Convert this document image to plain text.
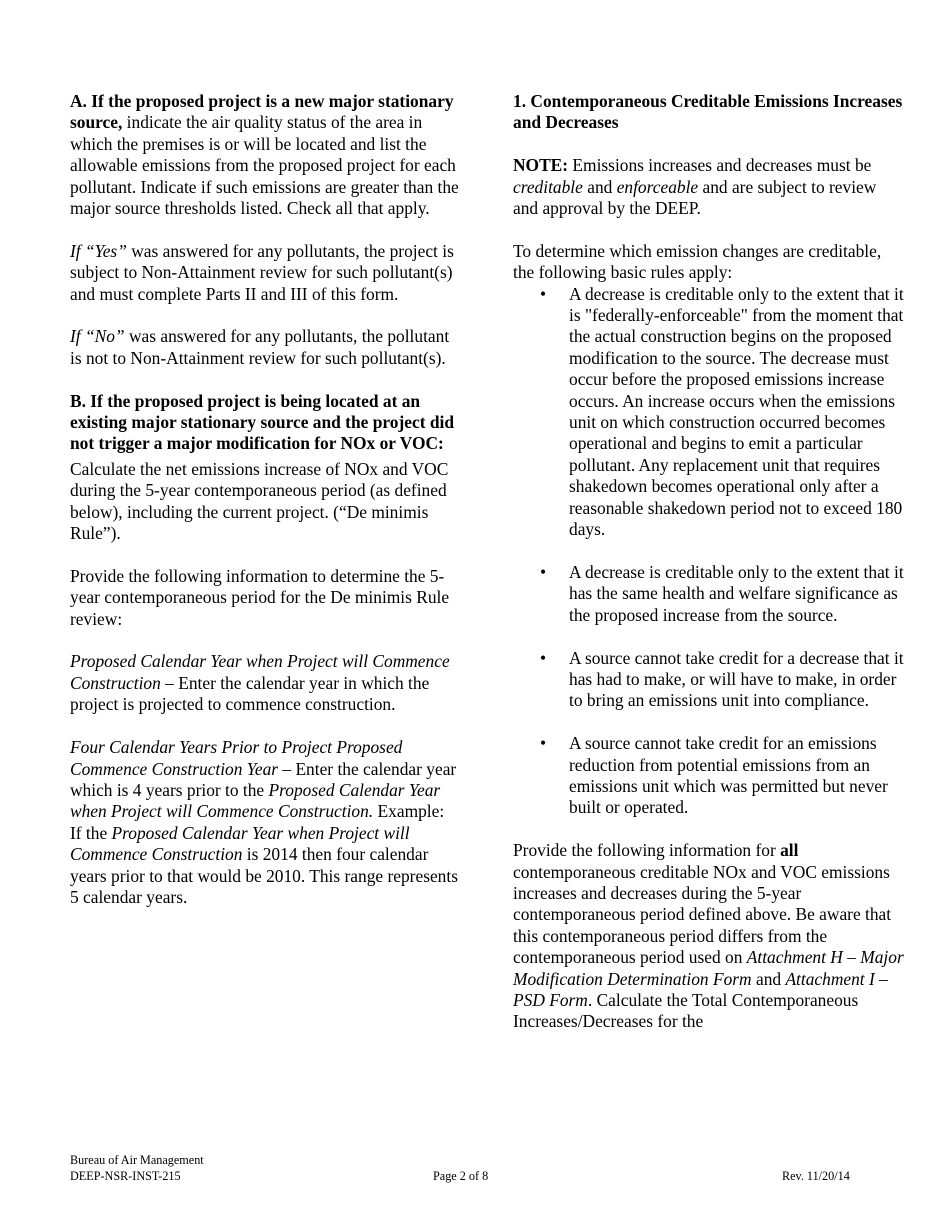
A. If the proposed project is a new major stationary source, indicate the air quality status of the area in which the premises is or will be located and list the allowable emissions from the proposed project for each pollutant. Indicate if such emissions are greater than the major source thresholds listed. Check all that apply.

If “Yes” was answered for any pollutants, the project is subject to Non-Attainment review for such pollutant(s) and must complete Parts II and III of this form.

If “No” was answered for any pollutants, the pollutant is not to Non-Attainment review for such pollutant(s).

B. If the proposed project is being located at an existing major stationary source and the project did not trigger a major modification for NOx or VOC:

Calculate the net emissions increase of NOx and VOC during the 5-year contemporaneous period (as defined below), including the current project. (“De minimis Rule”).

Provide the following information to determine the 5-year contemporaneous period for the De minimis Rule review:

Proposed Calendar Year when Project will Commence Construction – Enter the calendar year in which the project is projected to commence construction.

Four Calendar Years Prior to Project Proposed Commence Construction Year – Enter the calendar year which is 4 years prior to the Proposed Calendar Year when Project will Commence Construction. Example: If the Proposed Calendar Year when Project will Commence Construction is 2014 then four calendar years prior to that would be 2010. This range represents 5 calendar years.

1. Contemporaneous Creditable Emissions Increases and Decreases

NOTE: Emissions increases and decreases must be creditable and enforceable and are subject to review and approval by the DEEP.

To determine which emission changes are creditable, the following basic rules apply:

• A decrease is creditable only to the extent that it is "federally-enforceable" from the moment that the actual construction begins on the proposed modification to the source. The decrease must occur before the proposed emissions increase occurs. An increase occurs when the emissions unit on which construction occurred becomes operational and begins to emit a particular pollutant. Any replacement unit that requires shakedown becomes operational only after a reasonable shakedown period not to exceed 180 days.
• A decrease is creditable only to the extent that it has the same health and welfare significance as the proposed increase from the source.
• A source cannot take credit for a decrease that it has had to make, or will have to make, in order to bring an emissions unit into compliance.
• A source cannot take credit for an emissions reduction from potential emissions from an emissions unit which was permitted but never built or operated.

Provide the following information for all contemporaneous creditable NOx and VOC emissions increases and decreases during the 5-year contemporaneous period defined above. Be aware that this contemporaneous period differs from the contemporaneous period used on Attachment H – Major Modification Determination Form and Attachment I – PSD Form. Calculate the Total Contemporaneous Increases/Decreases for the

Bureau of Air Management
DEEP-NSR-INST-215	Page 2 of 8	Rev. 11/20/14
